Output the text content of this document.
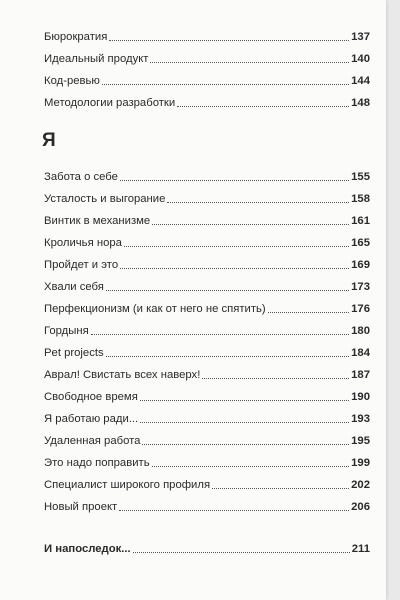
Бюрократия	137
Идеальный продукт	140
Код-ревью	144
Методологии разработки	148
Я
Забота о себе	155
Усталость и выгорание	158
Винтик в механизме	161
Кроличья нора	165
Пройдет и это	169
Хвали себя	173
Перфекционизм (и как от него не спятить)	176
Гордыня	180
Pet projects	184
Аврал! Свистать всех наверх!	187
Свободное время	190
Я работаю ради...	193
Удаленная работа	195
Это надо поправить	199
Специалист широкого профиля	202
Новый проект	206
И напоследок...	211
